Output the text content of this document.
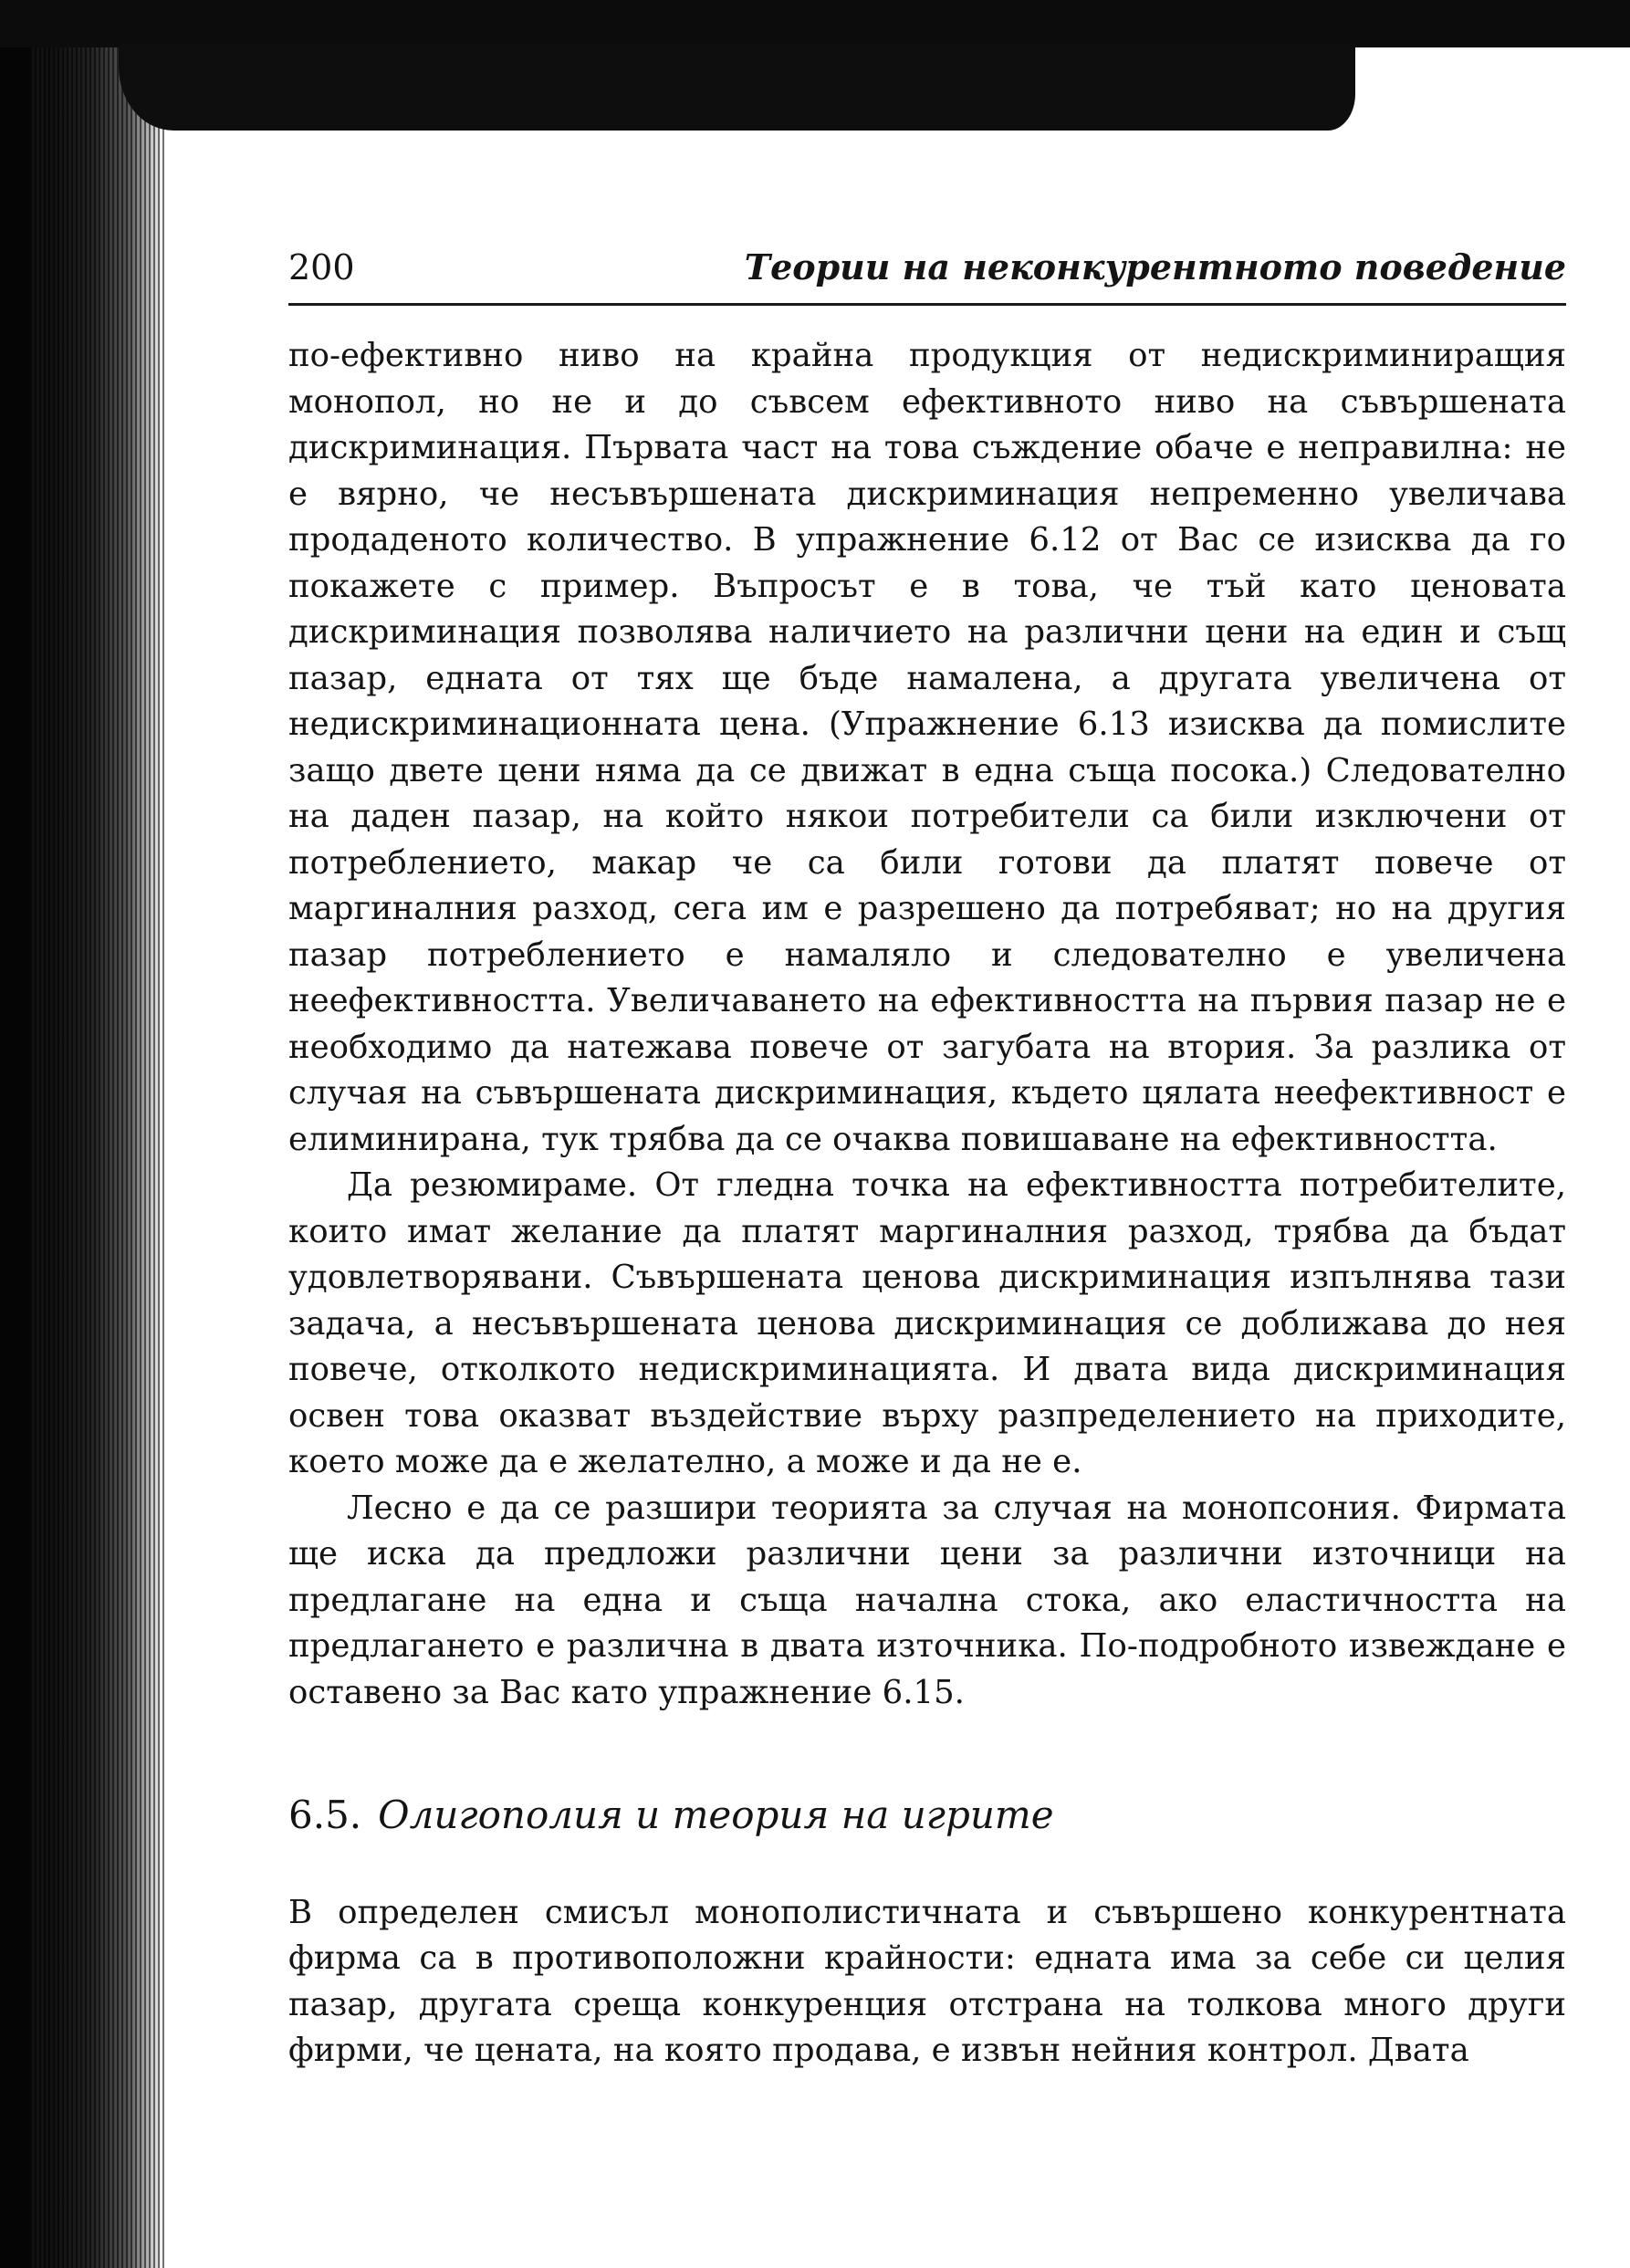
200	Теории на неконкурентното поведение

по-ефективно ниво на крайна продукция от недискриминиращия монопол, но не и до съвсем ефективното ниво на съвършената дискриминация. Първата част на това съждение обаче е неправилна: не е вярно, че несъвършената дискриминация непременно увеличава продаденото количество. В упражнение 6.12 от Вас се изисква да го покажете с пример. Въпросът е в това, че тъй като ценовата дискриминация позволява наличието на различни цени на един и същ пазар, едната от тях ще бъде намалена, а другата увеличена от недискриминационната цена. (Упражнение 6.13 изисква да помислите защо двете цени няма да се движат в една съща посока.) Следователно на даден пазар, на който някои потребители са били изключени от потреблението, макар че са били готови да платят повече от маргиналния разход, сега им е разрешено да потребяват; но на другия пазар потреблението е намаляло и следователно е увеличена неефективността. Увеличаването на ефективността на първия пазар не е необходимо да натежава повече от загубата на втория. За разлика от случая на съвършената дискриминация, където цялата неефективност е елиминирана, тук трябва да се очаква повишаване на ефективността.

Да резюмираме. От гледна точка на ефективността потребителите, които имат желание да платят маргиналния разход, трябва да бъдат удовлетворявани. Съвършената ценова дискриминация изпълнява тази задача, а несъвършената ценова дискриминация се доближава до нея повече, отколкото недискриминацията. И двата вида дискриминация освен това оказват въздействие върху разпределението на приходите, което може да е желателно, а може и да не е.

Лесно е да се разшири теорията за случая на монопсония. Фирмата ще иска да предложи различни цени за различни източници на предлагане на една и съща начална стока, ако еластичността на предлагането е различна в двата източника. По-подробното извеждане е оставено за Вас като упражнение 6.15.

6.5. Олигополия и теория на игрите

В определен смисъл монополистичната и съвършено конкурентната фирма са в противоположни крайности: едната има за себе си целия пазар, другата среща конкуренция отстрана на толкова много други фирми, че цената, на която продава, е извън нейния контрол. Двата
